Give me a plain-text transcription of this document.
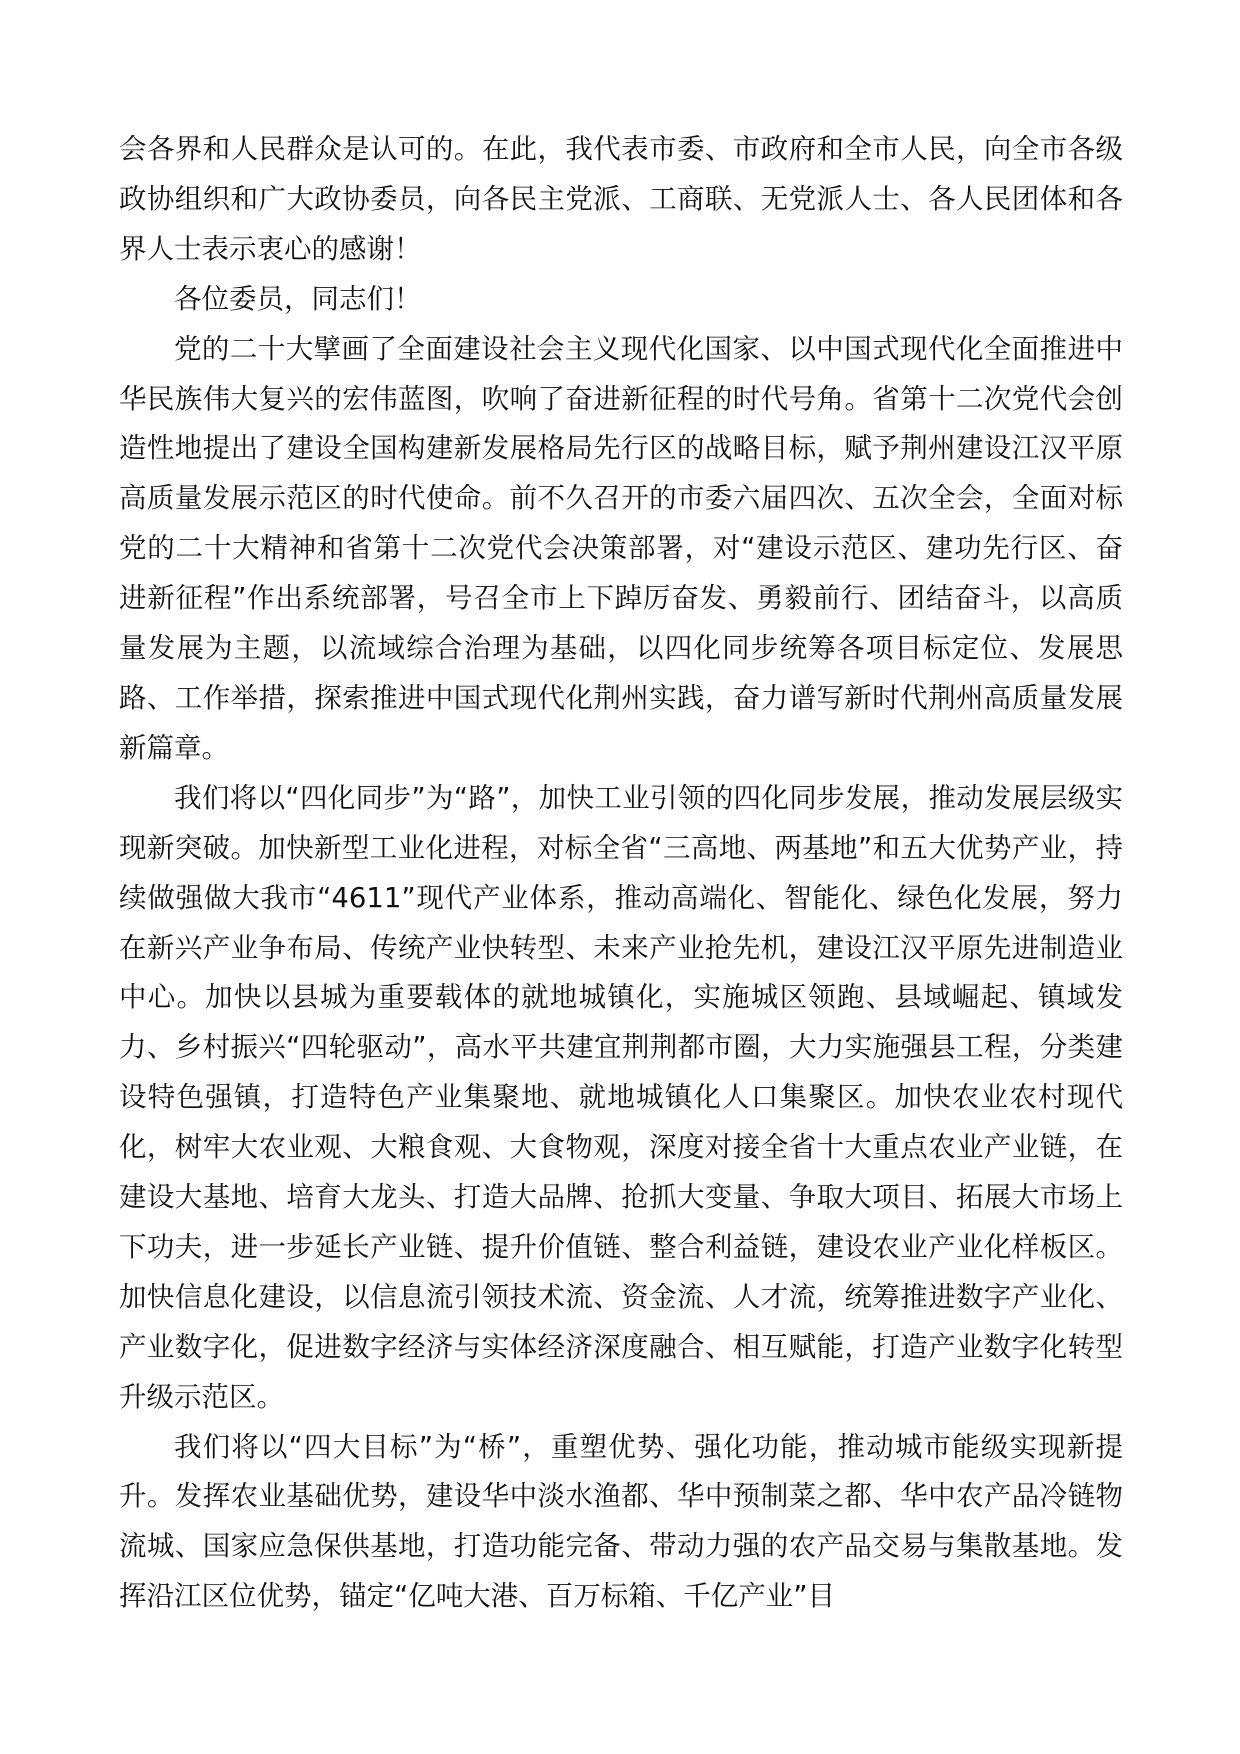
会各界和人民群众是认可的。在此，我代表市委、市政府和全市人民，向全市各级政协组织和广大政协委员，向各民主党派、工商联、无党派人士、各人民团体和各界人士表示衷心的感谢！

各位委员，同志们！

党的二十大擘画了全面建设社会主义现代化国家、以中国式现代化全面推进中华民族伟大复兴的宏伟蓝图，吹响了奋进新征程的时代号角。省第十二次党代会创造性地提出了建设全国构建新发展格局先行区的战略目标，赋予荆州建设江汉平原高质量发展示范区的时代使命。前不久召开的市委六届四次、五次全会，全面对标党的二十大精神和省第十二次党代会决策部署，对“建设示范区、建功先行区、奋进新征程”作出系统部署，号召全市上下踔厉奋发、勇毅前行、团结奋斗，以高质量发展为主题，以流域综合治理为基础，以四化同步统筹各项目标定位、发展思路、工作举措，探索推进中国式现代化荆州实践，奋力谱写新时代荆州高质量发展新篇章。

我们将以“四化同步”为“路”，加快工业引领的四化同步发展，推动发展层级实现新突破。加快新型工业化进程，对标全省“三高地、两基地”和五大优势产业，持续做强做大我市“4611”现代产业体系，推动高端化、智能化、绿色化发展，努力在新兴产业争布局、传统产业快转型、未来产业抢先机，建设江汉平原先进制造业中心。加快以县城为重要载体的就地城镇化，实施城区领跑、县域崛起、镇域发力、乡村振兴“四轮驱动”，高水平共建宜荆荆都市圈，大力实施强县工程，分类建设特色强镇，打造特色产业集聚地、就地城镇化人口集聚区。加快农业农村现代化，树牢大农业观、大粮食观、大食物观，深度对接全省十大重点农业产业链，在建设大基地、培育大龙头、打造大品牌、抢抓大变量、争取大项目、拓展大市场上下功夫，进一步延长产业链、提升价值链、整合利益链，建设农业产业化样板区。加快信息化建设，以信息流引领技术流、资金流、人才流，统筹推进数字产业化、产业数字化，促进数字经济与实体经济深度融合、相互赋能，打造产业数字化转型升级示范区。

我们将以“四大目标”为“桥”，重塑优势、强化功能，推动城市能级实现新提升。发挥农业基础优势，建设华中淡水渔都、华中预制菜之都、华中农产品冷链物流城、国家应急保供基地，打造功能完备、带动力强的农产品交易与集散基地。发挥沿江区位优势，锚定“亿吨大港、百万标箱、千亿产业”目
